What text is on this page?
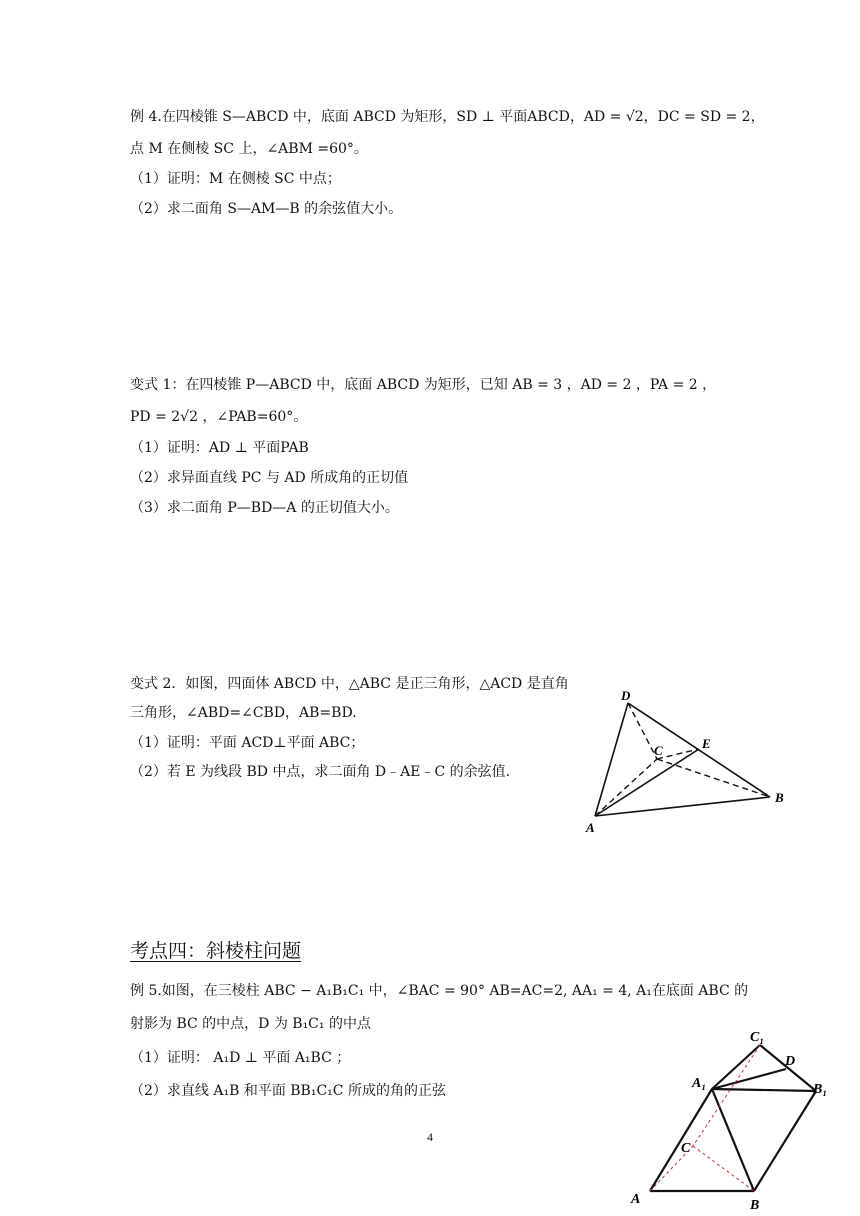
例 4.在四棱锥 S—ABCD 中，底面 ABCD 为矩形，SD ⊥ 平面ABCD，AD = √2，DC = SD = 2，
点 M 在侧棱 SC 上，∠ABM =60°。
（1）证明：M 在侧棱 SC 中点；
（2）求二面角 S—AM—B 的余弦值大小。
变式 1：在四棱锥 P—ABCD 中，底面 ABCD 为矩形，已知 AB = 3 ，AD = 2 ，PA = 2 ，
PD = 2√2 ，∠PAB=60°。
（1）证明：AD ⊥ 平面PAB
（2）求异面直线 PC 与 AD 所成角的正切值
（3）求二面角 P—BD—A 的正切值大小。
变式 2．如图，四面体 ABCD 中，△ABC 是正三角形，△ACD 是直角
三角形，∠ABD=∠CBD，AB=BD.
（1）证明：平面 ACD⊥平面 ABC；
（2）若 E 为线段 BD 中点，求二面角 D﹣AE﹣C 的余弦值.
D
E
C
B
A
考点四：斜棱柱问题
例 5.如图，在三棱柱 ABC − A₁B₁C₁ 中，∠BAC = 90° AB=AC=2, AA₁ = 4, A₁在底面 ABC 的
射影为 BC 的中点，D 为 B₁C₁ 的中点
（1）证明： A₁D ⊥ 平面 A₁BC ；
（2）求直线 A₁B 和平面 BB₁C₁C 所成的角的正弦
C₁
D
A₁	B₁
C
A	B
4
